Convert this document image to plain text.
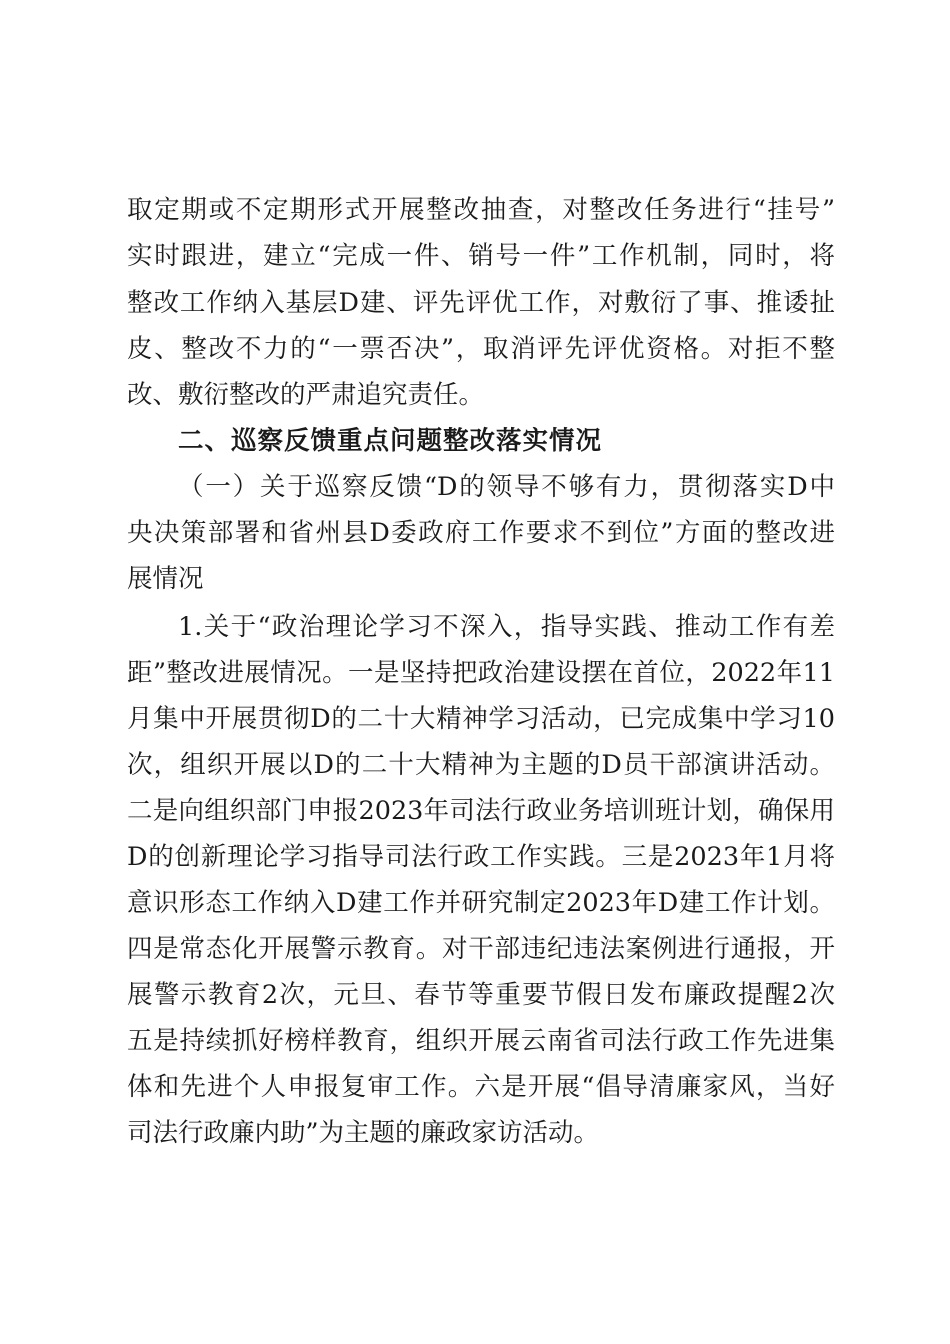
取定期或不定期形式开展整改抽查，对整改任务进行“挂号”
实时跟进，建立“完成一件、销号一件”工作机制，同时，将
整改工作纳入基层D建、评先评优工作，对敷衍了事、推诿扯
皮、整改不力的“一票否决”，取消评先评优资格。对拒不整
改、敷衍整改的严肃追究责任。
二、巡察反馈重点问题整改落实情况
（一）关于巡察反馈“D的领导不够有力，贯彻落实D中
央决策部署和省州县D委政府工作要求不到位”方面的整改进
展情况
1.关于“政治理论学习不深入，指导实践、推动工作有差
距”整改进展情况。一是坚持把政治建设摆在首位，2022年11
月集中开展贯彻D的二十大精神学习活动，已完成集中学习10
次，组织开展以D的二十大精神为主题的D员干部演讲活动。
二是向组织部门申报2023年司法行政业务培训班计划，确保用
D的创新理论学习指导司法行政工作实践。三是2023年1月将
意识形态工作纳入D建工作并研究制定2023年D建工作计划。
四是常态化开展警示教育。对干部违纪违法案例进行通报，开
展警示教育2次，元旦、春节等重要节假日发布廉政提醒2次
五是持续抓好榜样教育，组织开展云南省司法行政工作先进集
体和先进个人申报复审工作。六是开展“倡导清廉家风，当好
司法行政廉内助”为主题的廉政家访活动。
